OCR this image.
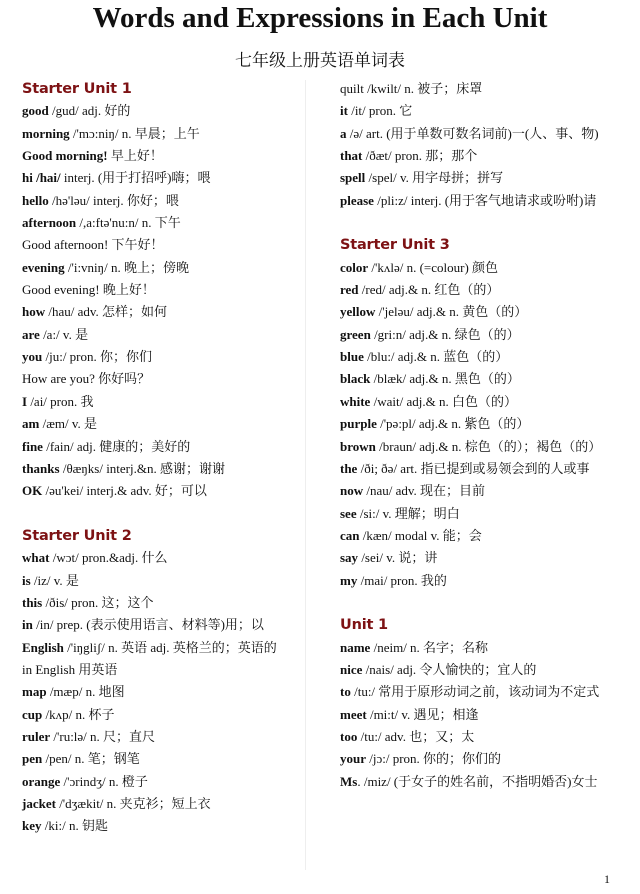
Words and Expressions in Each Unit
七年级上册英语单词表
Starter Unit 1
good /gud/ adj. 好的
morning /'mɔ:niŋ/ n. 早晨；上午
Good morning! 早上好！
hi /hai/ interj. (用于打招呼)嗨；喂
hello /hə'ləu/ interj. 你好；喂
afternoon /,a:ftə'nu:n/ n. 下午
Good afternoon! 下午好！
evening /'i:vniŋ/ n. 晚上；傍晚
Good evening! 晚上好！
how /hau/ adv. 怎样；如何
are /a:/ v. 是
you /ju:/ pron. 你；你们
How are you? 你好吗？
I /ai/ pron. 我
am /æm/ v. 是
fine /fain/ adj. 健康的；美好的
thanks /θæŋks/ interj.&n. 感谢；谢谢
OK /əu'kei/ interj.& adv. 好；可以
Starter Unit 2
what /wɔt/ pron.&adj. 什么
is /iz/ v. 是
this /ðis/ pron. 这；这个
in /in/ prep. (表示使用语言、材料等)用；以
English /'iŋgliʃ/ n. 英语 adj. 英格兰的；英语的
in English 用英语
map /mæp/ n. 地图
cup /kʌp/ n. 杯子
ruler /'ru:lə/ n. 尺；直尺
pen /pen/ n. 笔；钢笔
orange /'ɔrindʒ/ n. 橙子
jacket /'dʒækit/ n. 夹克衫；短上衣
key /ki:/ n. 钥匙
quilt /kwilt/ n. 被子；床罩
it /it/ pron. 它
a /ə/ art. (用于单数可数名词前)一(人、事、物)
that /ðæt/ pron. 那；那个
spell /spel/ v. 用字母拼；拼写
please /pli:z/ interj. (用于客气地请求或吩咐)请
Starter Unit 3
color /'kʌlə/ n. (=colour) 颜色
red /red/ adj.& n. 红色（的）
yellow /'jeləu/ adj.& n. 黄色（的）
green /gri:n/ adj.& n. 绿色（的）
blue /blu:/ adj.& n. 蓝色（的）
black /blæk/ adj.& n. 黑色（的）
white /wait/ adj.& n. 白色（的）
purple /'pə:pl/ adj.& n. 紫色（的）
brown /braun/ adj.& n. 棕色（的）；褐色（的）
the /ði; ðə/ art. 指已提到或易领会到的人或事
now /nau/ adv. 现在；目前
see /si:/ v. 理解；明白
can /kæn/ modal v. 能；会
say /sei/ v. 说；讲
my /mai/ pron. 我的
Unit 1
name /neim/ n. 名字；名称
nice /nais/ adj. 令人愉快的；宜人的
to /tu:/ 常用于原形动词之前，该动词为不定式
meet /mi:t/ v. 遇见；相逢
too /tu:/ adv. 也；又；太
your /jɔ:/ pron. 你的；你们的
Ms. /miz/ (于女子的姓名前，不指明婚否)女士
1
